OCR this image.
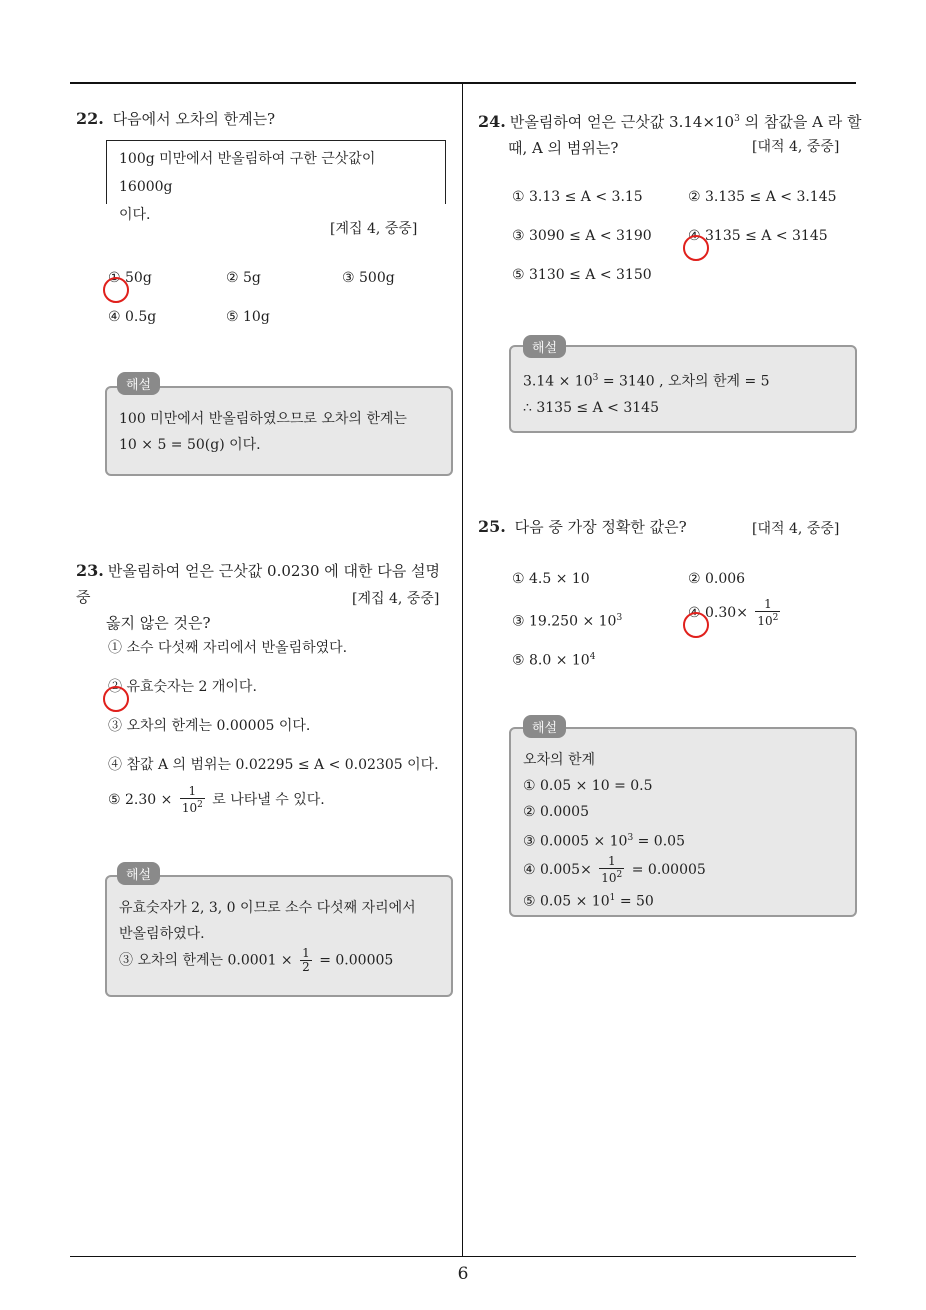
6
22. 다음에서 오차의 한계는?
100g 미만에서 반올림하여 구한 근삿값이 16000g
이다.
[계집 4, 중중]
① 50g	② 5g	③ 500g
④ 0.5g	⑤ 10g
100 미만에서 반올림하였으므로 오차의 한계는
10 × 5 = 50(g) 이다.
해설
23. 반올림하여 얻은 근삿값 0.0230 에 대한 다음 설명 중
옳지 않은 것은?
[계집 4, 중중]
① 소수 다섯째 자리에서 반올림하였다.
② 유효숫자는 2 개이다.
③ 오차의 한계는 0.00005 이다.
④ 참값 A 의 범위는 0.02295 ≤ A < 0.02305 이다.
⑤ $2.30 \times \frac{1}{10^2}$ 로 나타낼 수 있다.
유효숫자가 2, 3, 0 이므로 소수 다섯째 자리에서
반올림하였다.
③ 오차의 한계는 $0.0001 \times \frac{1}{2} = 0.00005$
해설
24. 반올림하여 얻은 근삿값 $3.14\times 10^3$ 의 참값을 A 라 할
때, A 의 범위는?	[대적 4, 중중]
① 3.13 ≤ A < 3.15	② 3.135 ≤ A < 3.145
③ 3090 ≤ A < 3190	④ 3135 ≤ A < 3145
⑤ 3130 ≤ A < 3150
$3.14 \times 10^3 = 3140$ , 오차의 한계 = 5
∴ 3135 ≤ A < 3145
해설
25. 다음 중 가장 정확한 값은?	[대적 4, 중중]
① 4.5 × 10	② 0.006
③ $19.250 \times 10^3$	④ $0.30\times \frac{1}{10^2}$
⑤ $8.0 \times 10^4$
오차의 한계
① 0.05 × 10 = 0.5
② 0.0005
③ $0.0005 \times 10^3 = 0.05$
④ $0.005\times \frac{1}{10^2} = 0.00005$
⑤ $0.05 \times 10^1 = 50$
해설
